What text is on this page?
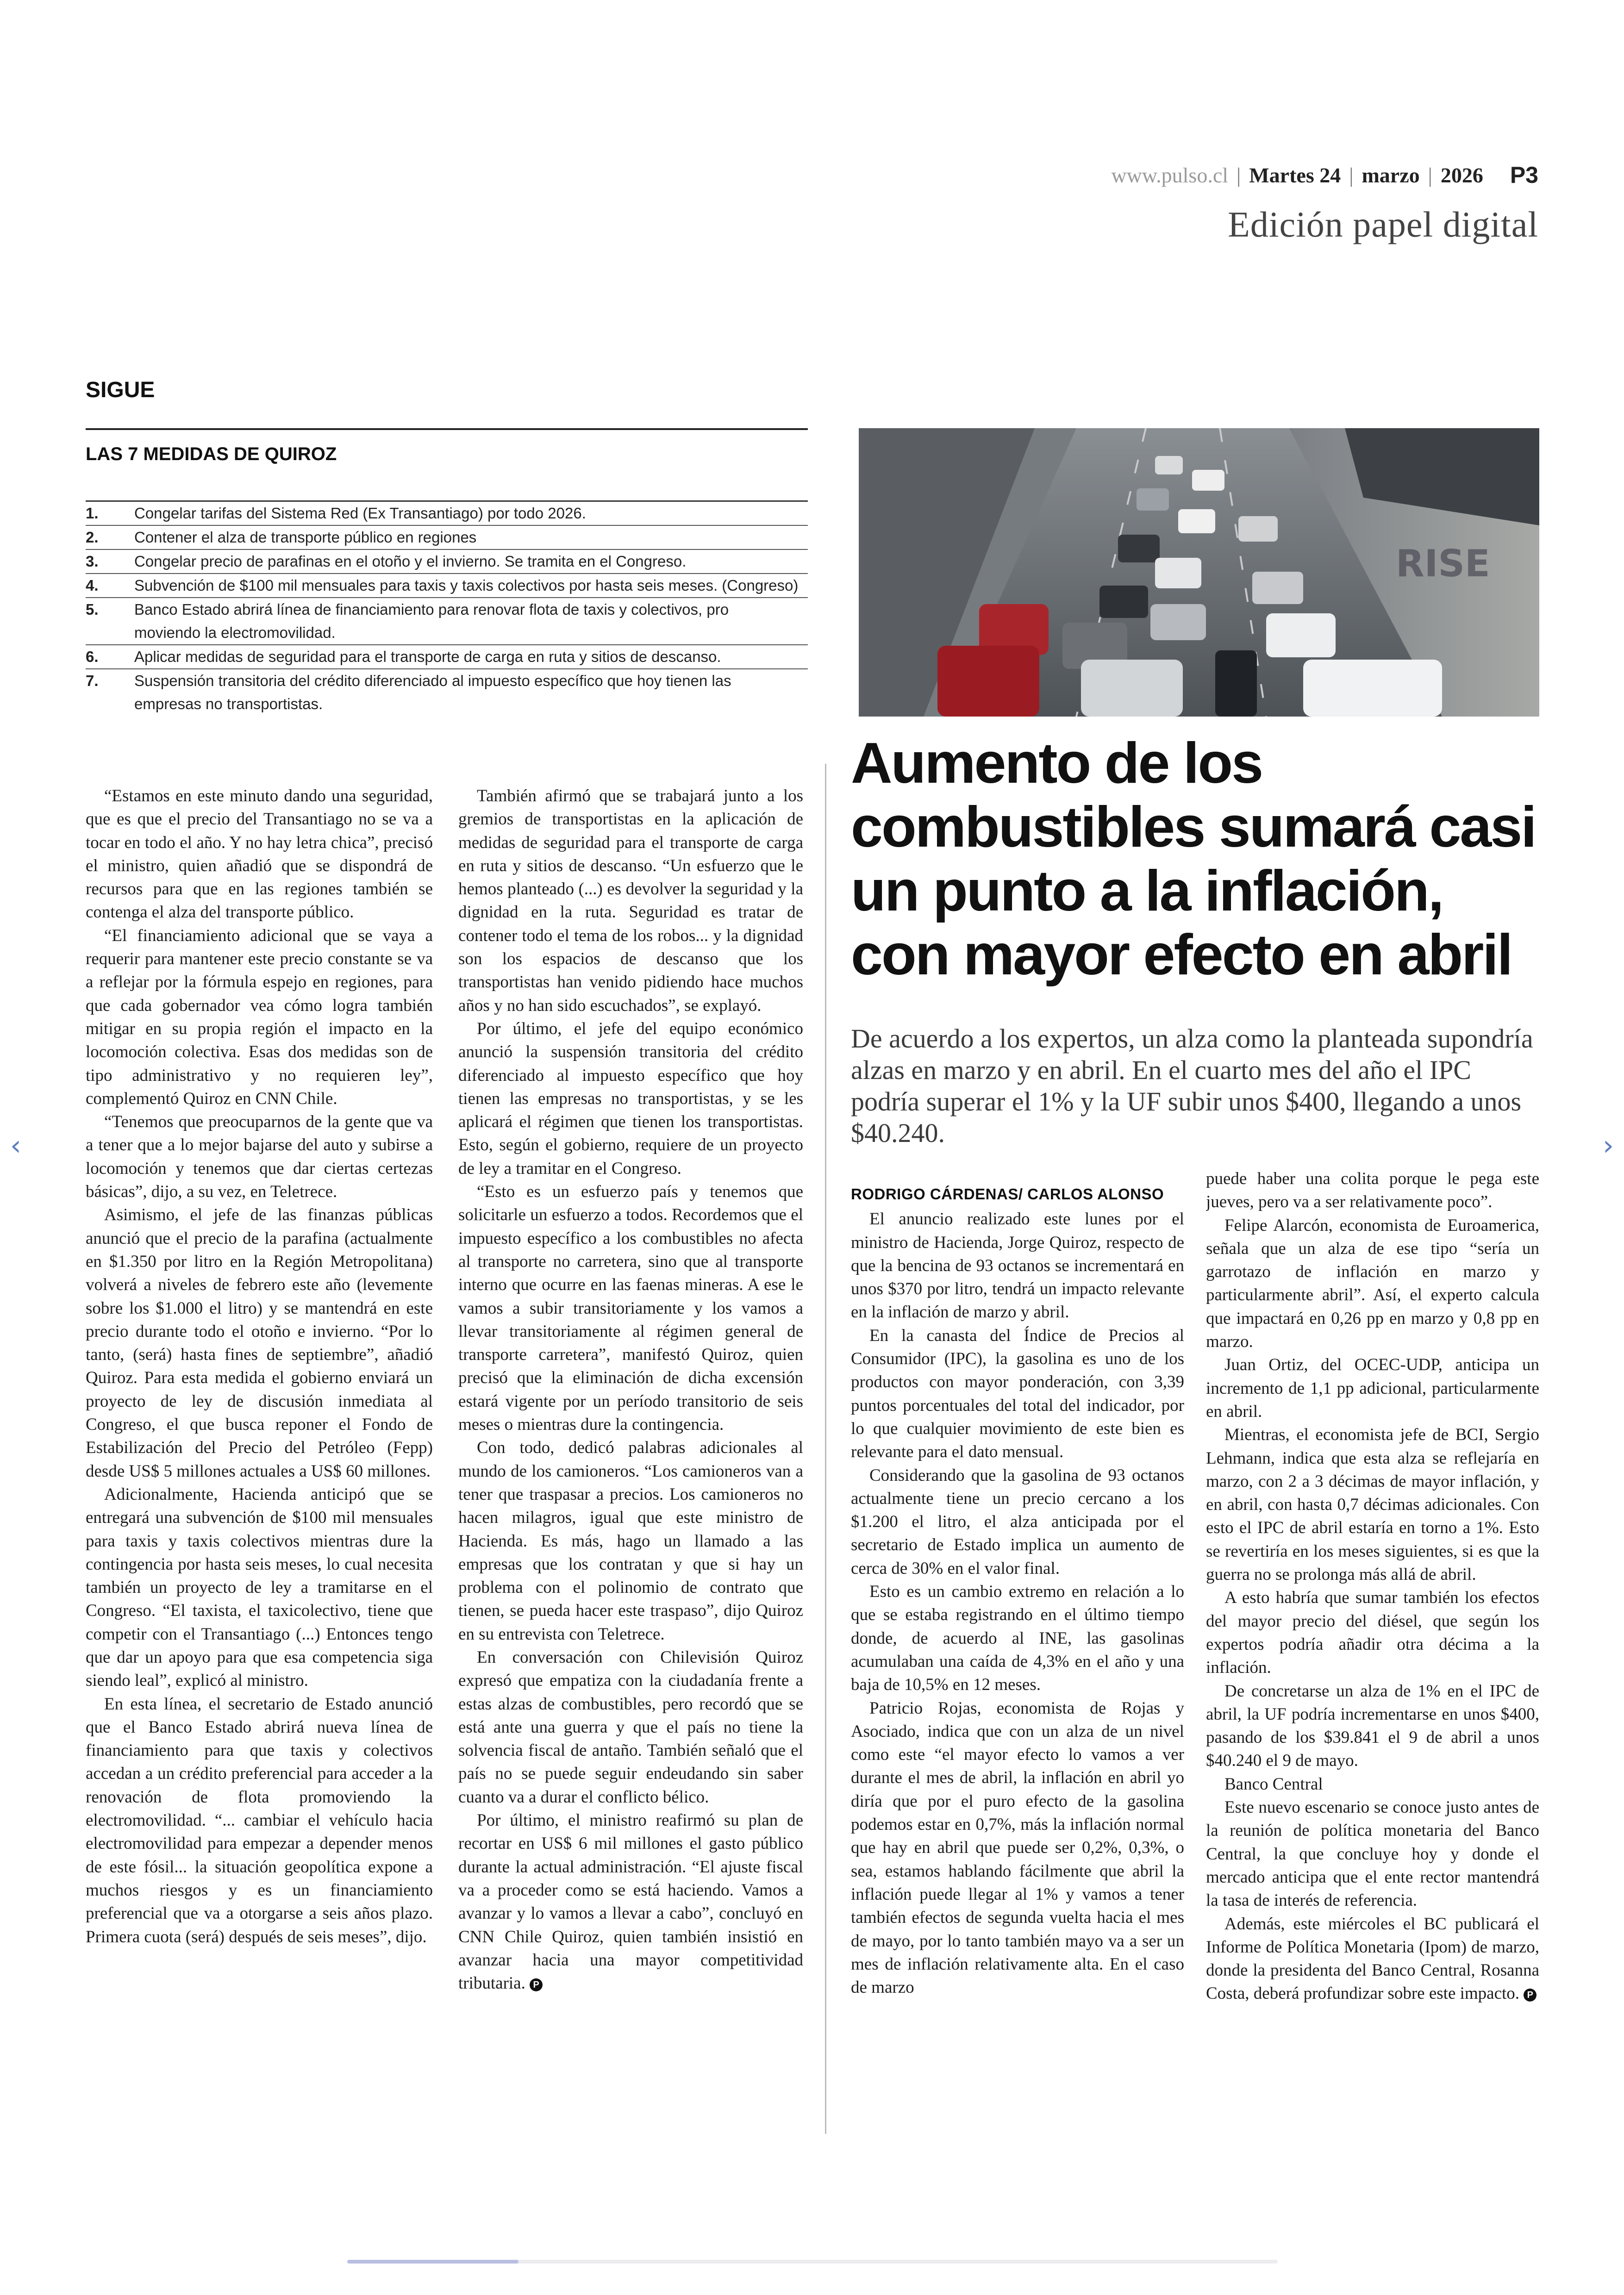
www.pulso.cl | Martes 24 | marzo | 2026 P3
Edición papel digital
SIGUE
LAS 7 MEDIDAS DE QUIROZ
1.	Congelar tarifas del Sistema Red (Ex Transantiago) por todo 2026.
2.	Contener el alza de transporte público en regiones
3.	Congelar precio de parafinas en el otoño y el invierno. Se tramita en el Congreso.
4.	Subvención de $100 mil mensuales para taxis y taxis colectivos por hasta seis meses. (Congreso)
5.	Banco Estado abrirá línea de financiamiento para renovar flota de taxis y colectivos, pro moviendo la electromovilidad.
6.	Aplicar medidas de seguridad para el transporte de carga en ruta y sitios de descanso.
7.	Suspensión transitoria del crédito diferenciado al impuesto específico que hoy tienen las empresas no transportistas.
RISE
Aumento de los combustibles sumará casi un punto a la inflación, con mayor efecto en abril
De acuerdo a los expertos, un alza como la planteada supondría alzas en marzo y en abril. En el cuarto mes del año el IPC podría superar el 1% y la UF subir unos $400, llegando a unos $40.240.

“Estamos en este minuto dando una seguridad, que es que el precio del Transantiago no se va a tocar en todo el año. Y no hay letra chica”, precisó el ministro, quien añadió que se dispondrá de recursos para que en las regiones también se contenga el alza del transporte público.

“El financiamiento adicional que se vaya a requerir para mantener este precio constante se va a reflejar por la fórmula espejo en regiones, para que cada gobernador vea cómo logra también mitigar en su propia región el impacto en la locomoción colectiva. Esas dos medidas son de tipo administrativo y no requieren ley”, complementó Quiroz en CNN Chile.

“Tenemos que preocuparnos de la gente que va a tener que a lo mejor bajarse del auto y subirse a locomoción y tenemos que dar ciertas certezas básicas”, dijo, a su vez, en Teletrece.

Asimismo, el jefe de las finanzas públicas anunció que el precio de la parafina (actualmente en $1.350 por litro en la Región Metropolitana) volverá a niveles de febrero este año (levemente sobre los $1.000 el litro) y se mantendrá en este precio durante todo el otoño e invierno. “Por lo tanto, (será) hasta fines de septiembre”, añadió Quiroz. Para esta medida el gobierno enviará un proyecto de ley de discusión inmediata al Congreso, el que busca reponer el Fondo de Estabilización del Precio del Petróleo (Fepp) desde US$ 5 millones actuales a US$ 60 millones.

Adicionalmente, Hacienda anticipó que se entregará una subvención de $100 mil mensuales para taxis y taxis colectivos mientras dure la contingencia por hasta seis meses, lo cual necesita también un proyecto de ley a tramitarse en el Congreso. “El taxista, el taxicolectivo, tiene que competir con el Transantiago (...) Entonces tengo que dar un apoyo para que esa competencia siga siendo leal”, explicó al ministro.

En esta línea, el secretario de Estado anunció que el Banco Estado abrirá nueva línea de financiamiento para que taxis y colectivos accedan a un crédito preferencial para acceder a la renovación de flota promoviendo la electromovilidad. “... cambiar el vehículo hacia electromovilidad para empezar a depender menos de este fósil... la situación geopolítica expone a muchos riesgos y es un financiamiento preferencial que va a otorgarse a seis años plazo. Primera cuota (será) después de seis meses”, dijo.

También afirmó que se trabajará junto a los gremios de transportistas en la aplicación de medidas de seguridad para el transporte de carga en ruta y sitios de descanso. “Un esfuerzo que le hemos planteado (...) es devolver la seguridad y la dignidad en la ruta. Seguridad es tratar de contener todo el tema de los robos... y la dignidad son los espacios de descanso que los transportistas han venido pidiendo hace muchos años y no han sido escuchados”, se explayó.

Por último, el jefe del equipo económico anunció la suspensión transitoria del crédito diferenciado al impuesto específico que hoy tienen las empresas no transportistas, y se les aplicará el régimen que tienen los transportistas. Esto, según el gobierno, requiere de un proyecto de ley a tramitar en el Congreso.

“Esto es un esfuerzo país y tenemos que solicitarle un esfuerzo a todos. Recordemos que el impuesto específico a los combustibles no afecta al transporte no carretera, sino que al transporte interno que ocurre en las faenas mineras. A ese le vamos a subir transitoriamente y los vamos a llevar transitoriamente al régimen general de transporte carretera”, manifestó Quiroz, quien precisó que la eliminación de dicha excensión estará vigente por un período transitorio de seis meses o mientras dure la contingencia.

Con todo, dedicó palabras adicionales al mundo de los camioneros. “Los camioneros van a tener que traspasar a precios. Los camioneros no hacen milagros, igual que este ministro de Hacienda. Es más, hago un llamado a las empresas que los contratan y que si hay un problema con el polinomio de contrato que tienen, se pueda hacer este traspaso”, dijo Quiroz en su entrevista con Teletrece.

En conversación con Chilevisión Quiroz expresó que empatiza con la ciudadanía frente a estas alzas de combustibles, pero recordó que se está ante una guerra y que el país no tiene la solvencia fiscal de antaño. También señaló que el país no se puede seguir endeudando sin saber cuanto va a durar el conflicto bélico.

Por último, el ministro reafirmó su plan de recortar en US$ 6 mil millones el gasto público durante la actual administración. “El ajuste fiscal va a proceder como se está haciendo. Vamos a avanzar y lo vamos a llevar a cabo”, concluyó en CNN Chile Quiroz, quien también insistió en avanzar hacia una mayor competitividad tributaria. P

RODRIGO CÁRDENAS/ CARLOS ALONSO

El anuncio realizado este lunes por el ministro de Hacienda, Jorge Quiroz, respecto de que la bencina de 93 octanos se incrementará en unos $370 por litro, tendrá un impacto relevante en la inflación de marzo y abril.

En la canasta del Índice de Precios al Consumidor (IPC), la gasolina es uno de los productos con mayor ponderación, con 3,39 puntos porcentuales del total del indicador, por lo que cualquier movimiento de este bien es relevante para el dato mensual.

Considerando que la gasolina de 93 octanos actualmente tiene un precio cercano a los $1.200 el litro, el alza anticipada por el secretario de Estado implica un aumento de cerca de 30% en el valor final.

Esto es un cambio extremo en relación a lo que se estaba registrando en el último tiempo donde, de acuerdo al INE, las gasolinas acumulaban una caída de 4,3% en el año y una baja de 10,5% en 12 meses.

Patricio Rojas, economista de Rojas y Asociado, indica que con un alza de un nivel como este “el mayor efecto lo vamos a ver durante el mes de abril, la inflación en abril yo diría que por el puro efecto de la gasolina podemos estar en 0,7%, más la inflación normal que hay en abril que puede ser 0,2%, 0,3%, o sea, estamos hablando fácilmente que abril la inflación puede llegar al 1% y vamos a tener también efectos de segunda vuelta hacia el mes de mayo, por lo tanto también mayo va a ser un mes de inflación relativamente alta. En el caso de marzo

puede haber una colita porque le pega este jueves, pero va a ser relativamente poco”.

Felipe Alarcón, economista de Euroamerica, señala que un alza de ese tipo “sería un garrotazo de inflación en marzo y particularmente abril”. Así, el experto calcula que impactará en 0,26 pp en marzo y 0,8 pp en marzo.

Juan Ortiz, del OCEC-UDP, anticipa un incremento de 1,1 pp adicional, particularmente en abril.

Mientras, el economista jefe de BCI, Sergio Lehmann, indica que esta alza se reflejaría en marzo, con 2 a 3 décimas de mayor inflación, y en abril, con hasta 0,7 décimas adicionales. Con esto el IPC de abril estaría en torno a 1%. Esto se revertiría en los meses siguientes, si es que la guerra no se prolonga más allá de abril.

A esto habría que sumar también los efectos del mayor precio del diésel, que según los expertos podría añadir otra décima a la inflación.

De concretarse un alza de 1% en el IPC de abril, la UF podría incrementarse en unos $400, pasando de los $39.841 el 9 de abril a unos $40.240 el 9 de mayo.

Banco Central

Este nuevo escenario se conoce justo antes de la reunión de política monetaria del Banco Central, la que concluye hoy y donde el mercado anticipa que el ente rector mantendrá la tasa de interés de referencia.

Además, este miércoles el BC publicará el Informe de Política Monetaria (Ipom) de marzo, donde la presidenta del Banco Central, Rosanna Costa, deberá profundizar sobre este impacto. P

‹	›
